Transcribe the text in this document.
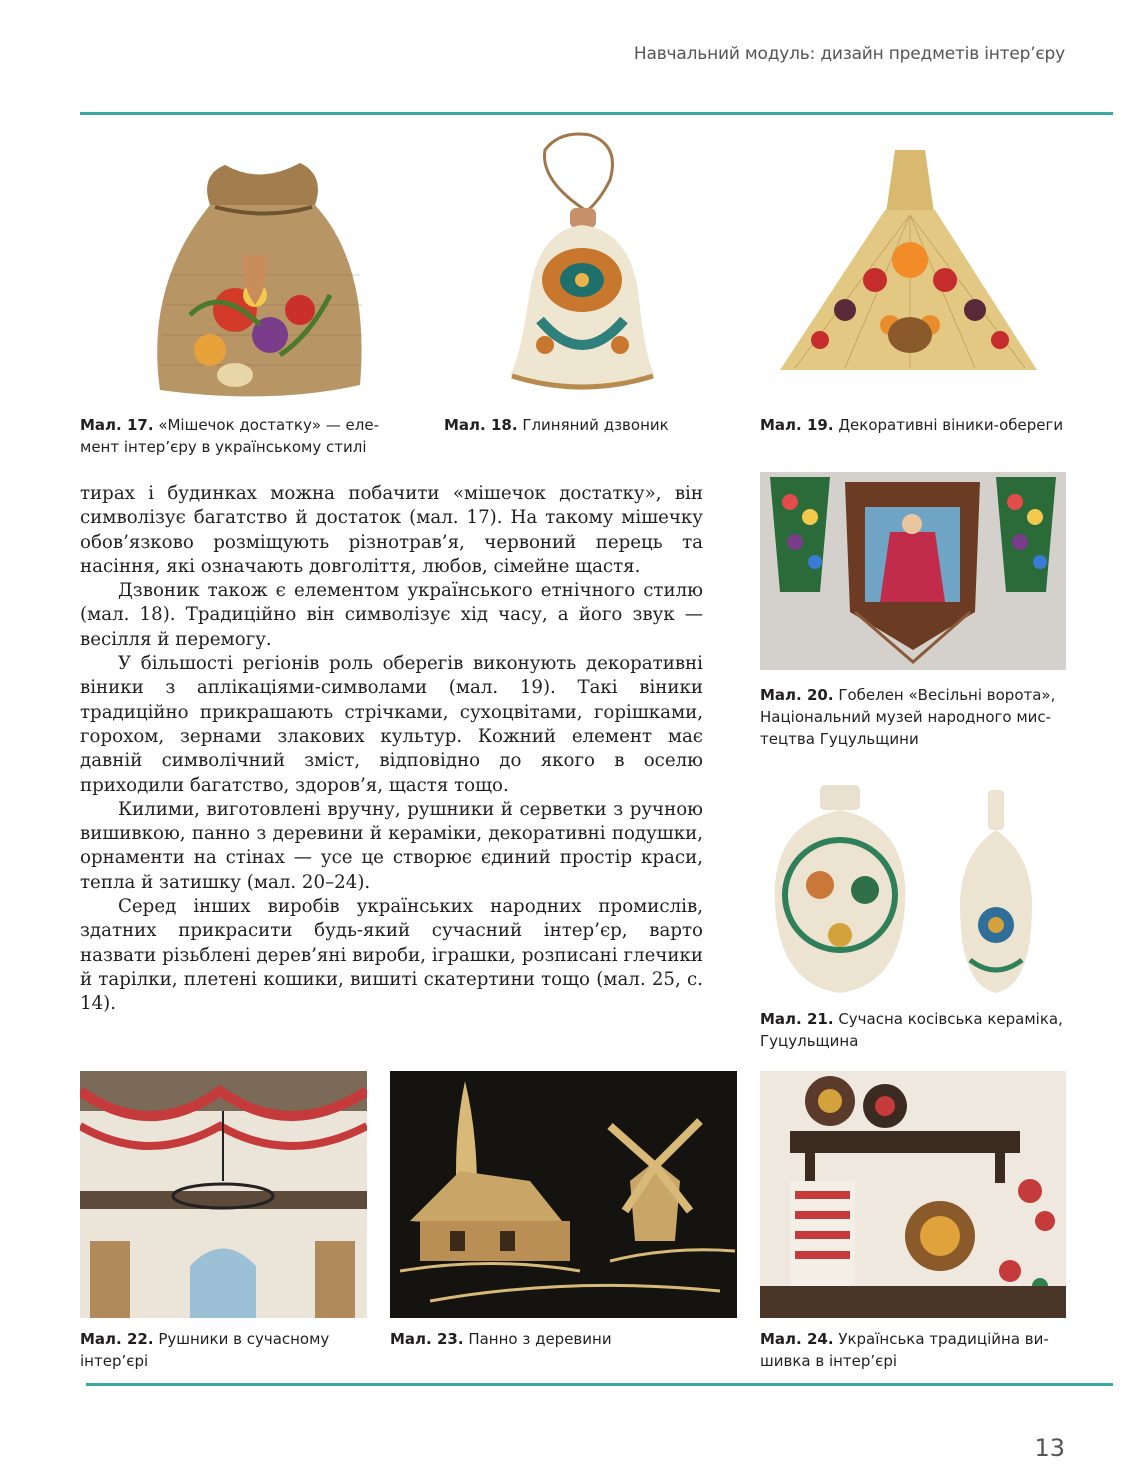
Навчальний модуль: дизайн предметів інтер’єру
Мал. 17. «Мішечок достатку» — еле-
мент інтер’єру в українському стилі
Мал. 18. Глиняний дзвоник	Мал. 19. Декоративні віники-обереги

тирах і будинках можна побачити «мішечок достатку», він символізує багатство й достаток (мал. 17). На такому мішечку обов’язково розміщують різнотрав’я, червоний перець та насіння, які означають довголіття, любов, сімейне щастя.

Дзвоник також є елементом українського етнічного стилю (мал. 18). Традиційно він символізує хід часу, а його звук — весілля й перемогу.

У більшості регіонів роль оберегів виконують декоративні віники з аплікаціями-символами (мал. 19). Такі віники традиційно прикрашають стрічками, сухоцвітами, горішками, горохом, зернами злакових культур. Кожний елемент має давній символічний зміст, відповідно до якого в оселю приходили багатство, здоров’я, щастя тощо.

Килими, виготовлені вручну, рушники й серветки з ручною вишивкою, панно з деревини й кераміки, декоративні подушки, орнаменти на стінах — усе це створює єдиний простір краси, тепла й затишку (мал. 20–24).

Серед інших виробів українських народних промислів, здатних прикрасити будь-який сучасний інтер’єр, варто назвати різьблені дерев’яні вироби, іграшки, розписані глечики й тарілки, плетені кошики, вишиті скатертини тощо (мал. 25, с. 14).

Мал. 20. Гобелен «Весільні ворота»,
Національний музей народного мис-
тецтва Гуцульщини
Мал. 21. Сучасна косівська кераміка,
Гуцульщина
Мал. 22. Рушники в сучасному
інтер’єрі
Мал. 23. Панно з деревини	Мал. 24. Українська традиційна ви-
шивка в інтер’єрі
13
